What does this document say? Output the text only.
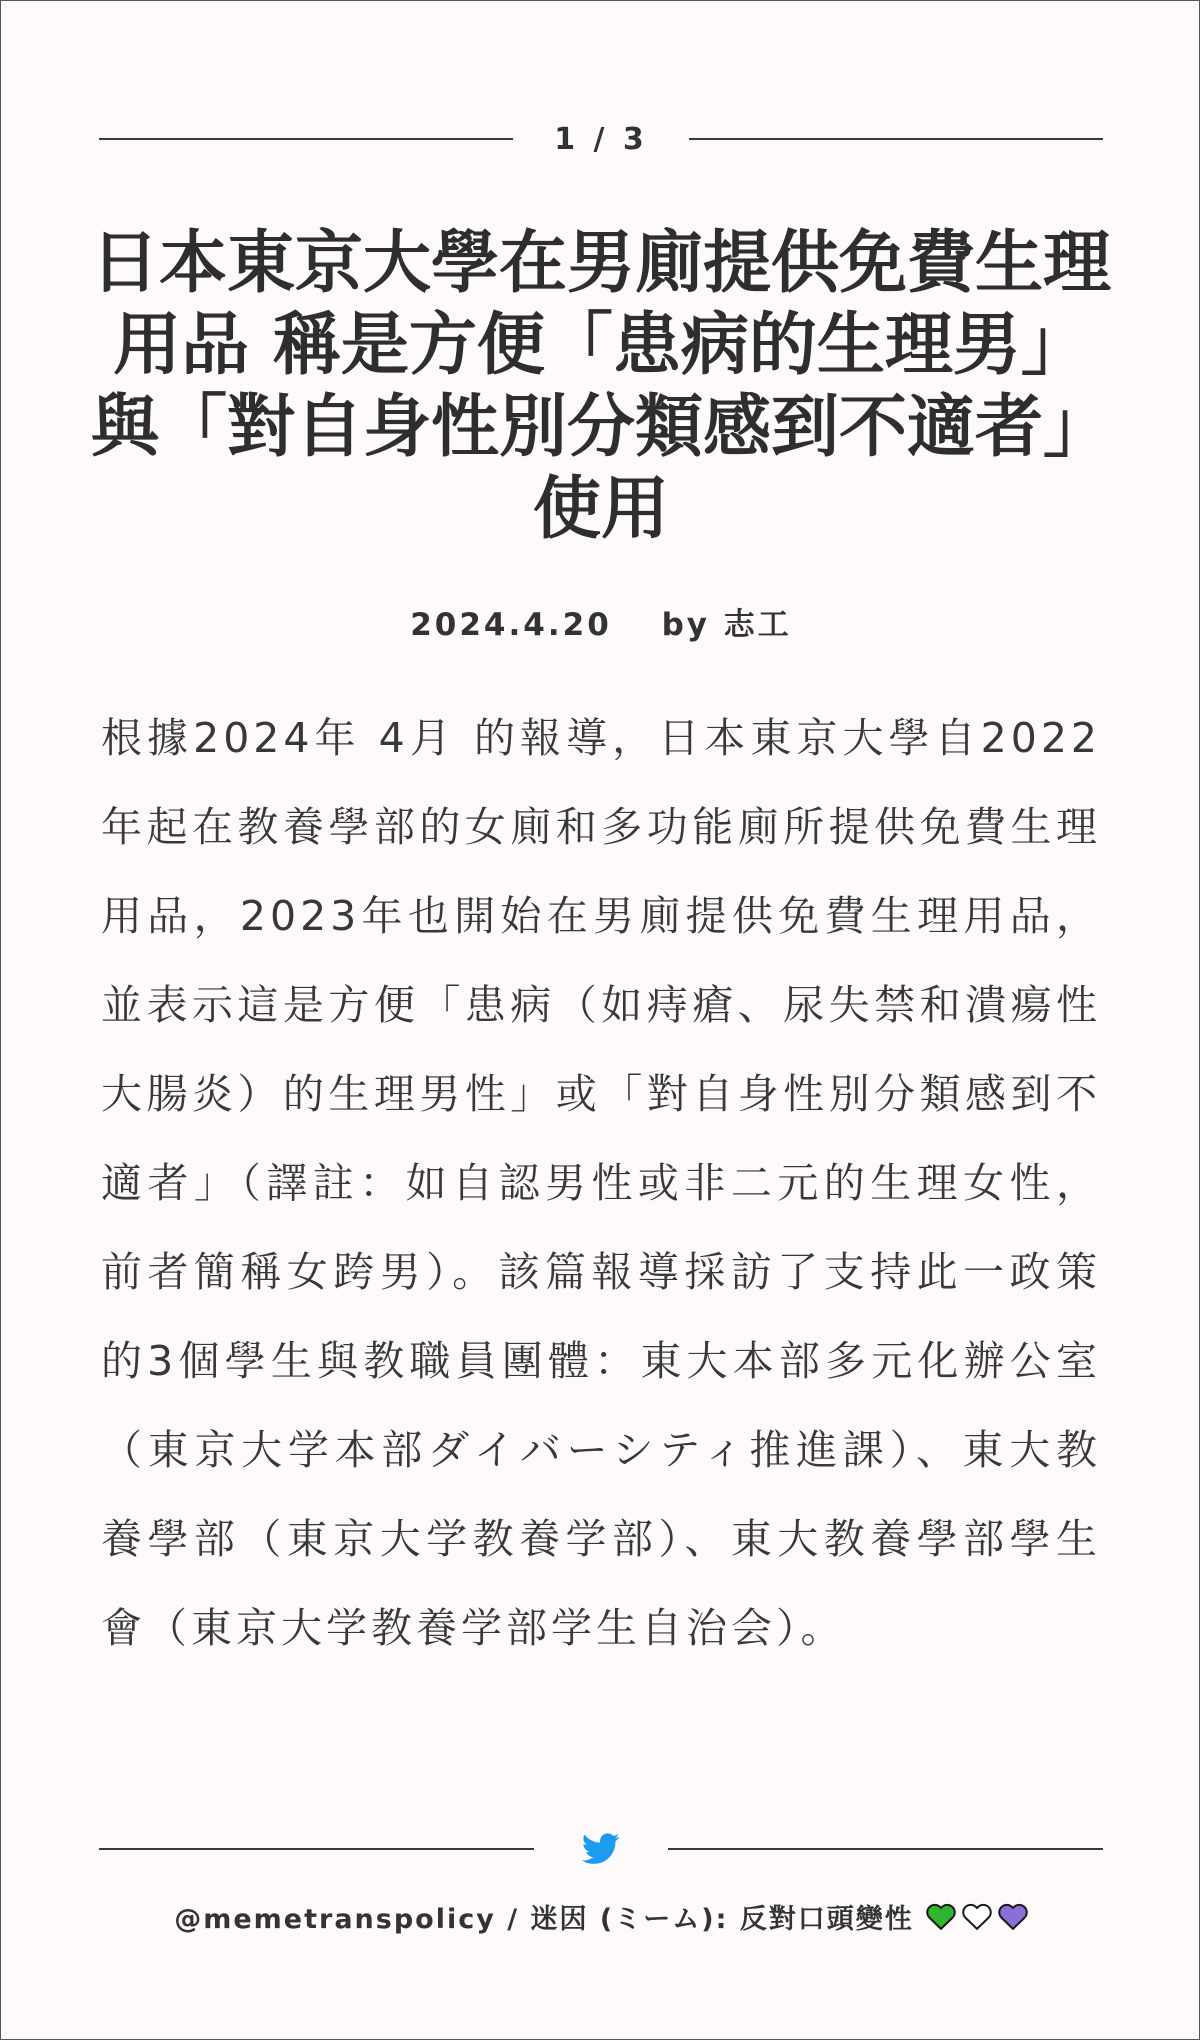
1 / 3
日本東京大學在男廁提供免費生理用品 稱是方便「患病的生理男」與「對自身性別分類感到不適者」使用
2024.4.20 by 志工

根據2024年 4月 的報導，日本東京大學自2022年起在教養學部的女廁和多功能廁所提供免費生理用品，2023年也開始在男廁提供免費生理用品，並表示這是方便「患病（如痔瘡、尿失禁和潰瘍性大腸炎）的生理男性」或「對自身性別分類感到不適者」（譯註：如自認男性或非二元的生理女性，前者簡稱女跨男）。該篇報導採訪了支持此一政策的3個學生與教職員團體：東大本部多元化辦公室（東京大学本部ダイバーシティ推進課）、東大教養學部（東京大学教養学部）、東大教養學部學生會（東京大学教養学部学生自治会）。

@memetranspolicy / 迷因 (ミーム): 反對口頭變性
